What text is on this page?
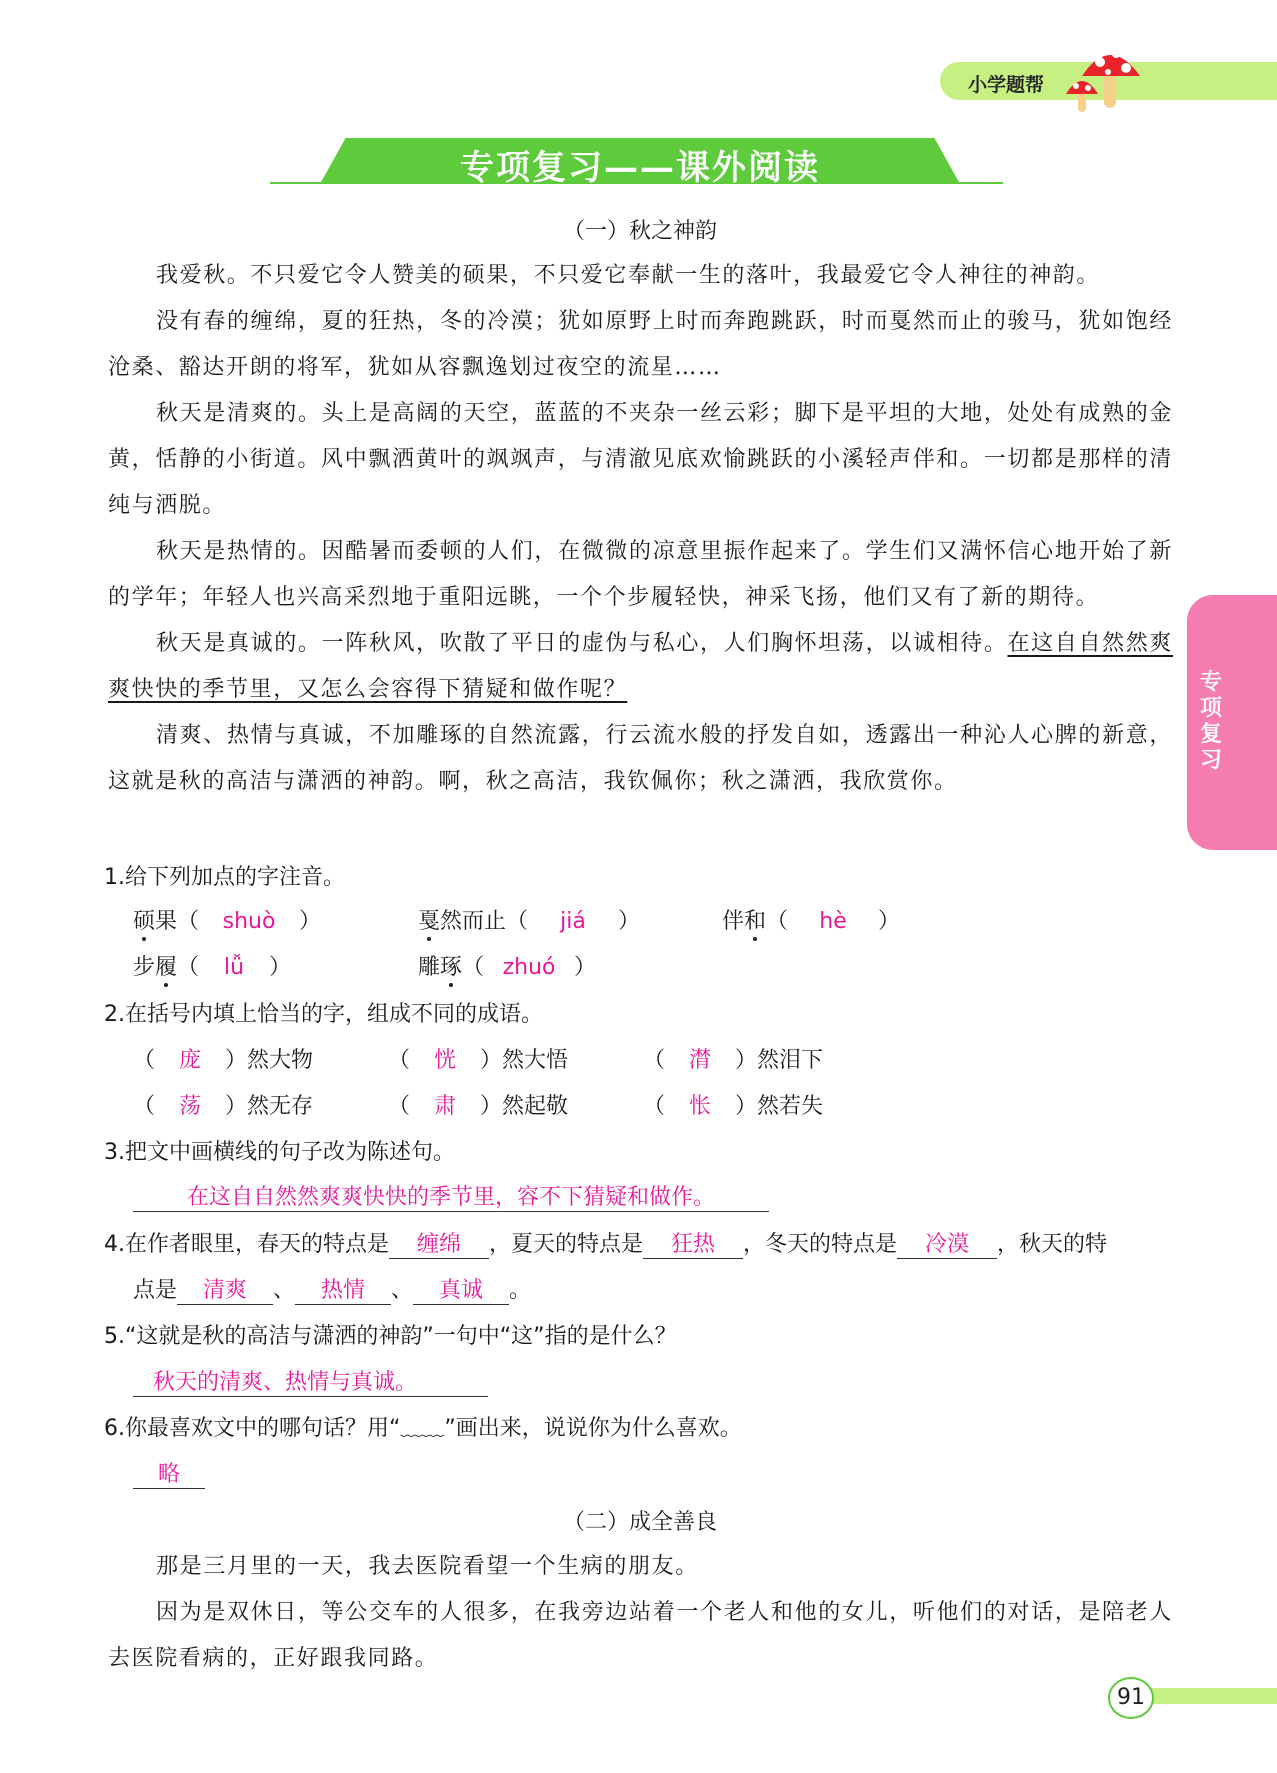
小学题帮
专项复习——课外阅读
专项复习
（一）秋之神韵

我爱秋。不只爱它令人赞美的硕果，不只爱它奉献一生的落叶，我最爱它令人神往的神韵。

没有春的缠绵，夏的狂热，冬的冷漠；犹如原野上时而奔跑跳跃，时而戛然而止的骏马，犹如饱经沧桑、豁达开朗的将军，犹如从容飘逸划过夜空的流星……

秋天是清爽的。头上是高阔的天空，蓝蓝的不夹杂一丝云彩；脚下是平坦的大地，处处有成熟的金黄，恬静的小街道。风中飘洒黄叶的飒飒声，与清澈见底欢愉跳跃的小溪轻声伴和。一切都是那样的清纯与洒脱。

秋天是热情的。因酷暑而委顿的人们，在微微的凉意里振作起来了。学生们又满怀信心地开始了新的学年；年轻人也兴高采烈地于重阳远眺，一个个步履轻快，神采飞扬，他们又有了新的期待。

秋天是真诚的。一阵秋风，吹散了平日的虚伪与私心，人们胸怀坦荡，以诚相待。在这自自然然爽爽快快的季节里，又怎么会容得下猜疑和做作呢？

清爽、热情与真诚，不加雕琢的自然流露，行云流水般的抒发自如，透露出一种沁人心脾的新意，这就是秋的高洁与潇洒的神韵。啊，秋之高洁，我钦佩你；秋之潇洒，我欣赏你。

1.给下列加点的字注音。
硕果（ shuò ）	戛然而止（ jiá ）	伴和（ hè ）
步履（ lǚ ）	雕琢（ zhuó ）
2.在括号内填上恰当的字，组成不同的成语。
（ 庞 ）然大物	（ 恍 ）然大悟	（ 潸 ）然泪下
（ 荡 ）然无存	（ 肃 ）然起敬	（ 怅 ）然若失
3.把文中画横线的句子改为陈述句。
在这自自然然爽爽快快的季节里，容不下猜疑和做作。
4.在作者眼里，春天的特点是 缠绵 ，夏天的特点是 狂热 ，冬天的特点是 冷漠 ，秋天的特
点是 清爽 、 热情 、 真诚 。
5.“这就是秋的高洁与潇洒的神韵”一句中“这”指的是什么？
秋天的清爽、热情与真诚。
6.你最喜欢文中的哪句话？用“﹏﹏”画出来，说说你为什么喜欢。
略
（二）成全善良

那是三月里的一天，我去医院看望一个生病的朋友。

因为是双休日，等公交车的人很多，在我旁边站着一个老人和他的女儿，听他们的对话，是陪老人去医院看病的，正好跟我同路。

91
